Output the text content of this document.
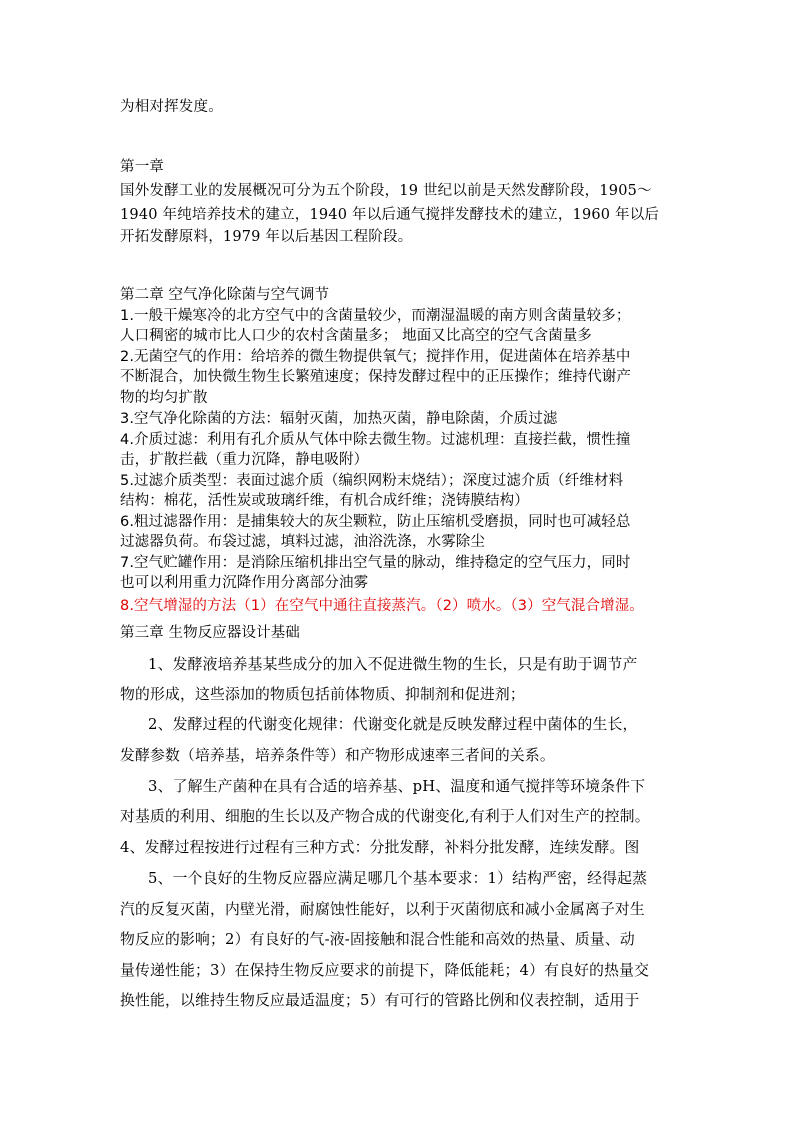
为相对挥发度。
第一章
国外发酵工业的发展概况可分为五个阶段，19 世纪以前是天然发酵阶段，1905～
1940 年纯培养技术的建立，1940 年以后通气搅拌发酵技术的建立，1960 年以后
开拓发酵原料，1979 年以后基因工程阶段。
第二章 空气净化除菌与空气调节
1.一般干燥寒冷的北方空气中的含菌量较少，而潮湿温暖的南方则含菌量较多；
人口稠密的城市比人口少的农村含菌量多； 地面又比高空的空气含菌量多
2.无菌空气的作用：给培养的微生物提供氧气；搅拌作用，促进菌体在培养基中
不断混合，加快微生物生长繁殖速度；保持发酵过程中的正压操作；维持代谢产
物的均匀扩散
3.空气净化除菌的方法：辐射灭菌，加热灭菌，静电除菌，介质过滤
4.介质过滤：利用有孔介质从气体中除去微生物。过滤机理：直接拦截，惯性撞
击，扩散拦截（重力沉降，静电吸附）
5.过滤介质类型：表面过滤介质（编织网粉末烧结）；深度过滤介质（纤维材料
结构：棉花，活性炭或玻璃纤维，有机合成纤维；浇铸膜结构）
6.粗过滤器作用：是捕集较大的灰尘颗粒，防止压缩机受磨损，同时也可减轻总
过滤器负荷。布袋过滤，填料过滤，油浴洗涤，水雾除尘
7.空气贮罐作用：是消除压缩机排出空气量的脉动，维持稳定的空气压力，同时
也可以利用重力沉降作用分离部分油雾
8.空气增湿的方法（1）在空气中通往直接蒸汽。（2）喷水。（3）空气混合增湿。
第三章 生物反应器设计基础
1、发酵液培养基某些成分的加入不促进微生物的生长，只是有助于调节产
物的形成，这些添加的物质包括前体物质、抑制剂和促进剂；
2、发酵过程的代谢变化规律：代谢变化就是反映发酵过程中菌体的生长，
发酵参数（培养基，培养条件等）和产物形成速率三者间的关系。
3、了解生产菌种在具有合适的培养基、pH、温度和通气搅拌等环境条件下
对基质的利用、细胞的生长以及产物合成的代谢变化,有利于人们对生产的控制。
4、发酵过程按进行过程有三种方式：分批发酵，补料分批发酵，连续发酵。图
5、一个良好的生物反应器应满足哪几个基本要求：1）结构严密，经得起蒸
汽的反复灭菌，内壁光滑，耐腐蚀性能好，以利于灭菌彻底和减小金属离子对生
物反应的影响；2）有良好的气-液-固接触和混合性能和高效的热量、质量、动
量传递性能；3）在保持生物反应要求的前提下，降低能耗；4）有良好的热量交
换性能，以维持生物反应最适温度；5）有可行的管路比例和仪表控制，适用于
